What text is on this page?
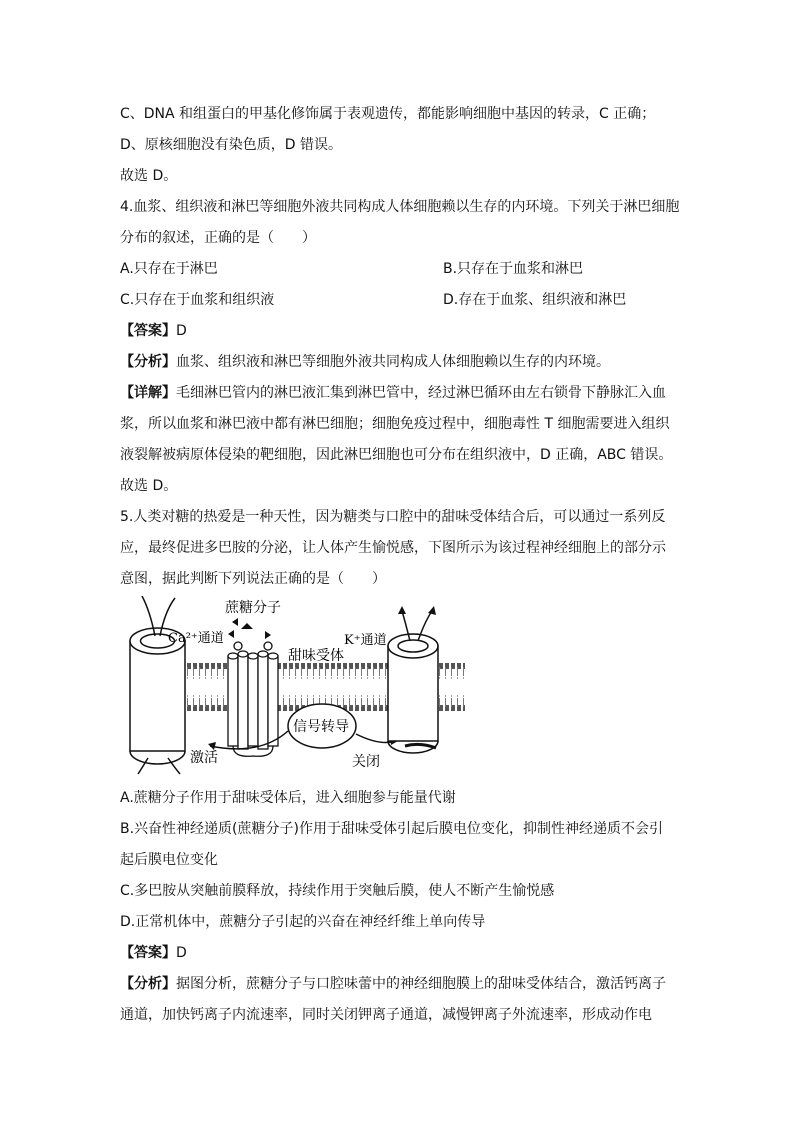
C、DNA 和组蛋白的甲基化修饰属于表观遗传，都能影响细胞中基因的转录，C 正确；
D、原核细胞没有染色质，D 错误。
故选 D。
4.血浆、组织液和淋巴等细胞外液共同构成人体细胞赖以生存的内环境。下列关于淋巴细胞
分布的叙述，正确的是（　　）
A.只存在于淋巴	B.只存在于血浆和淋巴
C.只存在于血浆和组织液	D.存在于血浆、组织液和淋巴
【答案】D
【分析】血浆、组织液和淋巴等细胞外液共同构成人体细胞赖以生存的内环境。
【详解】毛细淋巴管内的淋巴液汇集到淋巴管中，经过淋巴循环由左右锁骨下静脉汇入血
浆，所以血浆和淋巴液中都有淋巴细胞；细胞免疫过程中，细胞毒性 T 细胞需要进入组织
液裂解被病原体侵染的靶细胞，因此淋巴细胞也可分布在组织液中，D 正确，ABC 错误。
故选 D。
5.人类对糖的热爱是一种天性，因为糖类与口腔中的甜味受体结合后，可以通过一系列反
应，最终促进多巴胺的分泌，让人体产生愉悦感，下图所示为该过程神经细胞上的部分示
意图，据此判断下列说法正确的是（　　）
蔗糖分子
Ca²⁺通道	K⁺通道
甜味受体
信号转导
激活	关闭
A.蔗糖分子作用于甜味受体后，进入细胞参与能量代谢
B.兴奋性神经递质(蔗糖分子)作用于甜味受体引起后膜电位变化，抑制性神经递质不会引
起后膜电位变化
C.多巴胺从突触前膜释放，持续作用于突触后膜，使人不断产生愉悦感
D.正常机体中，蔗糖分子引起的兴奋在神经纤维上单向传导
【答案】D
【分析】据图分析，蔗糖分子与口腔味蕾中的神经细胞膜上的甜味受体结合，激活钙离子
通道，加快钙离子内流速率，同时关闭钾离子通道，减慢钾离子外流速率，形成动作电
